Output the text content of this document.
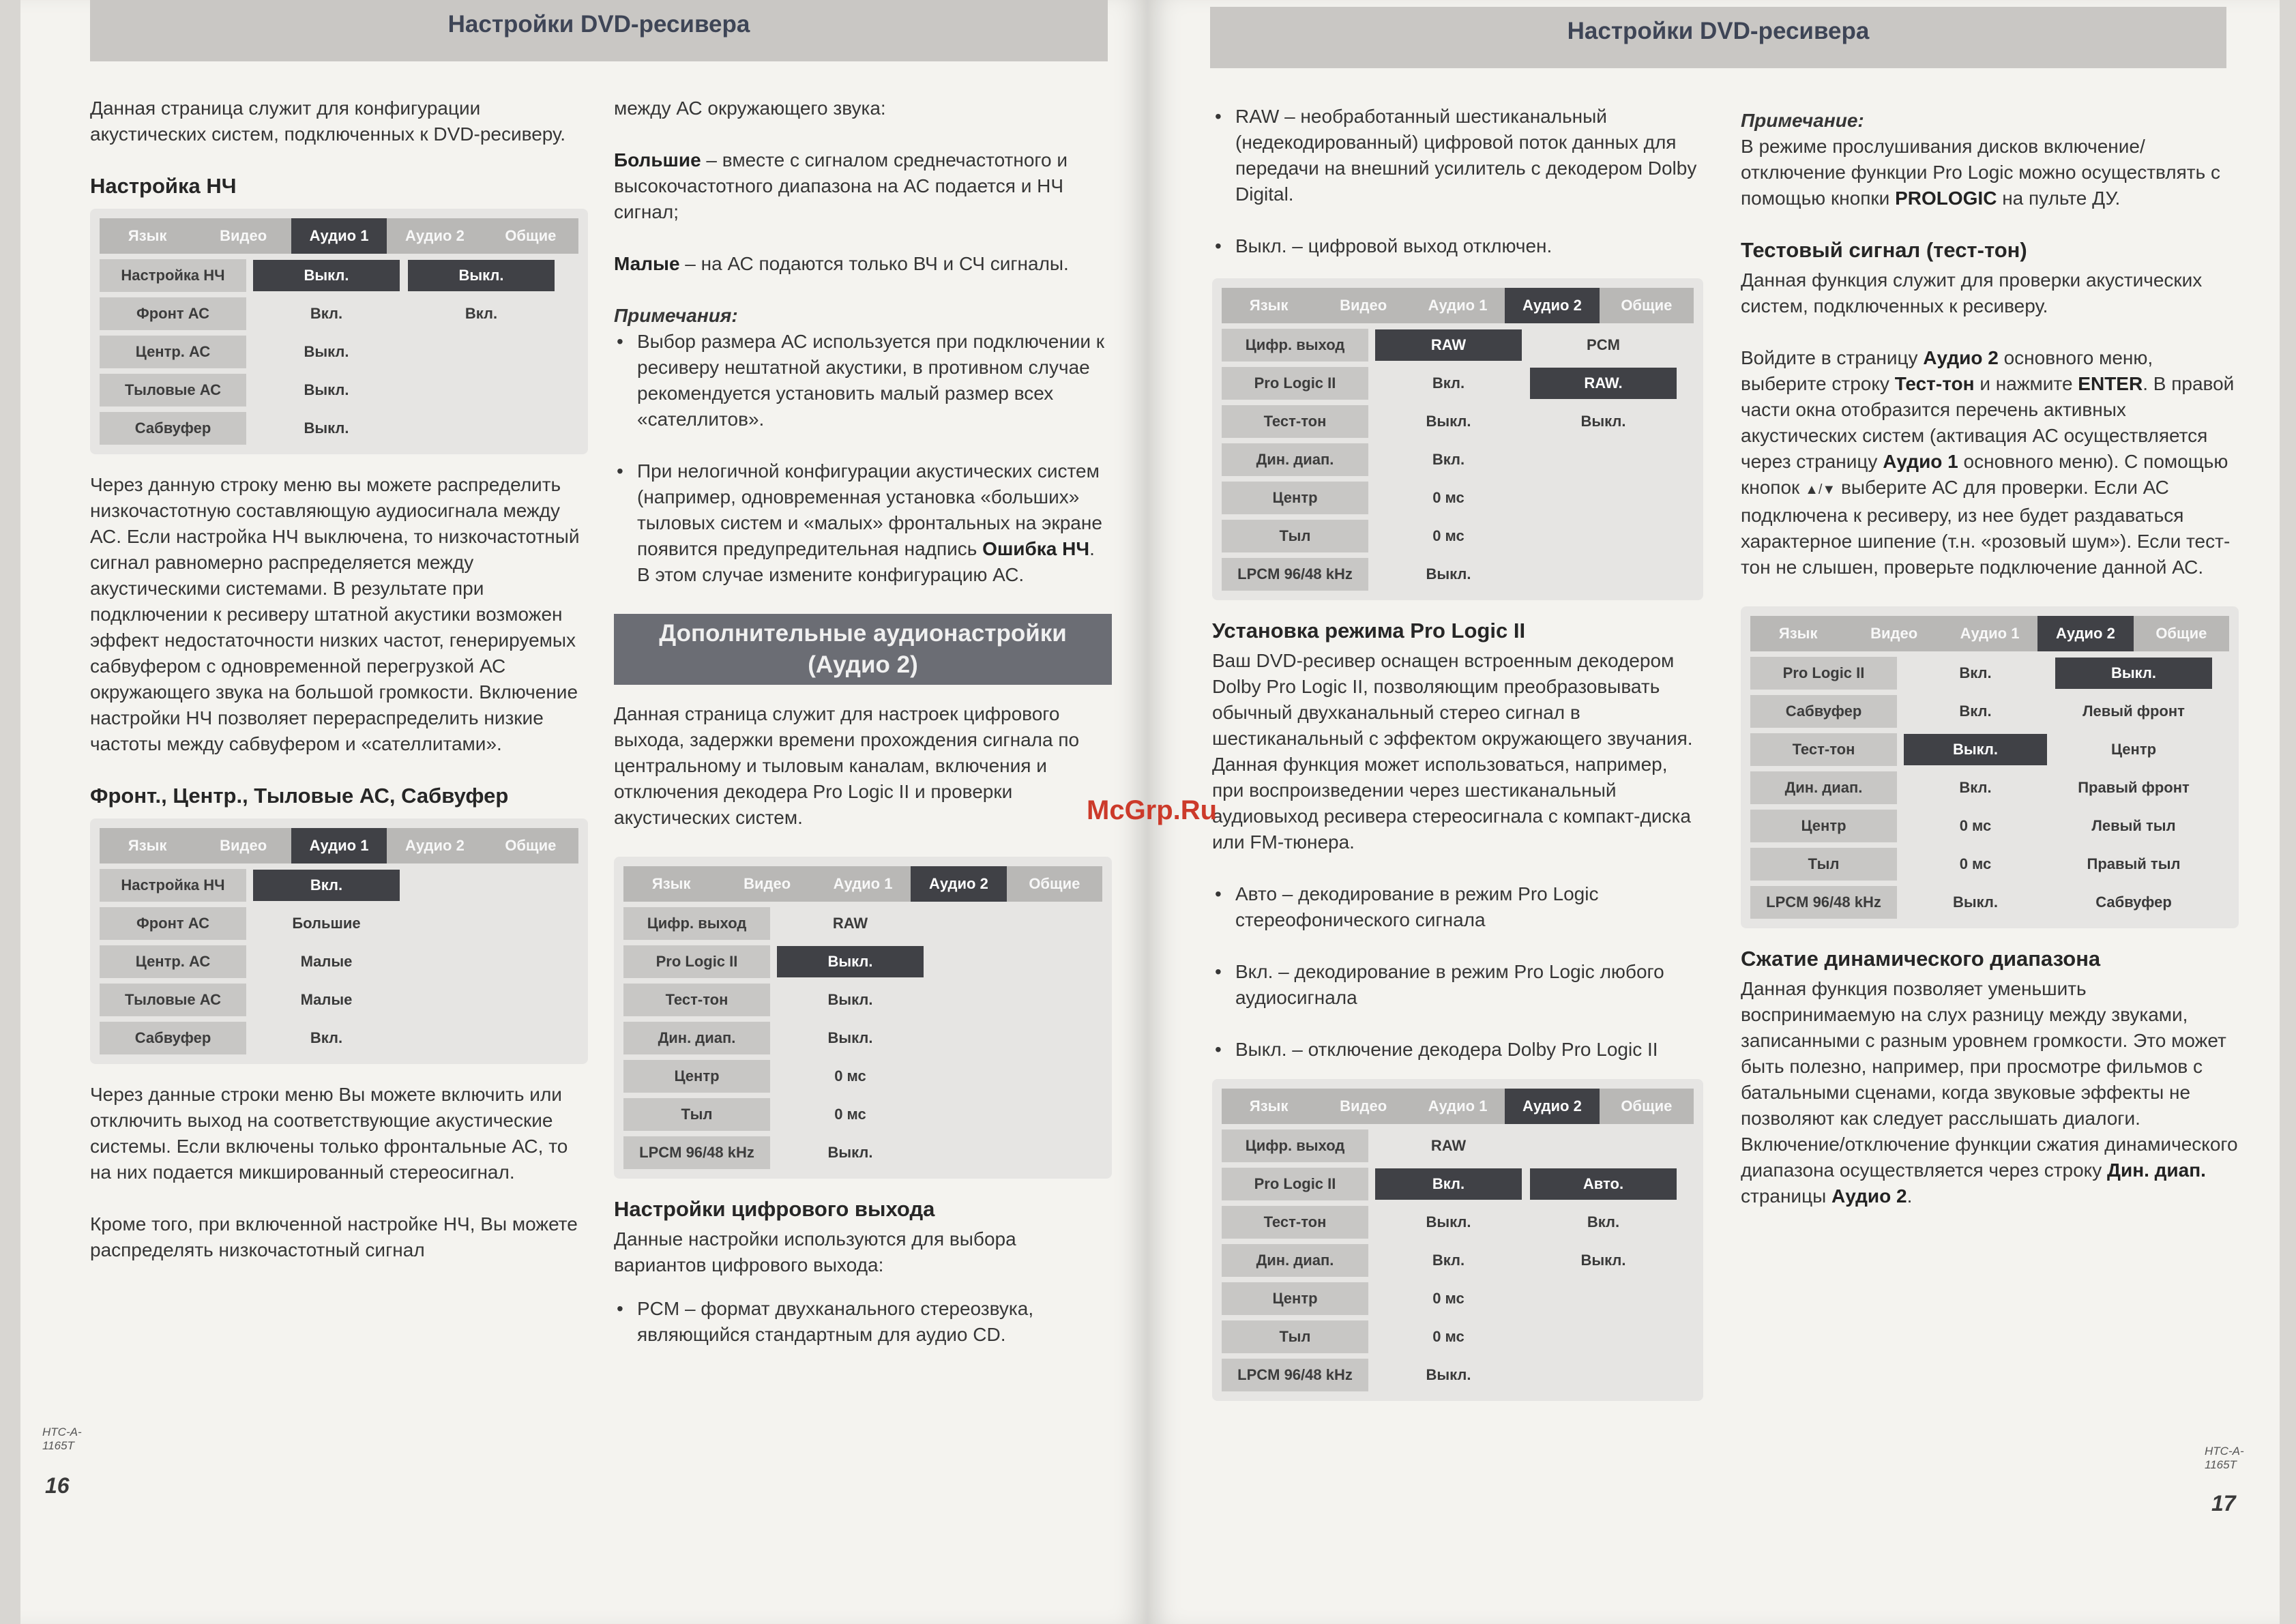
Настройки DVD-ресивера

Данная страница служит для конфигурации акустических систем, подключенных к DVD-ресиверу.

Настройка НЧ
Язык	Видео	Аудио 1	Аудио 2	Общие
Настройка НЧ	Выкл.	Выкл.
Фронт АС	Вкл.	Вкл.
Центр. АС	Выкл.
Тыловые АС	Выкл.
Сабвуфер	Выкл.

Через данную строку меню вы можете распределить низкочастотную составляющую аудиосигнала между АС. Если настройка НЧ выключена, то низкочастотный сигнал равномерно распределяется между акустическими системами. В результате при подключении к ресиверу штатной акустики возможен эффект недостаточности низких частот, генерируемых сабвуфером с одновременной перегрузкой АС окружающего звука на большой громкости. Включение настройки НЧ позволяет перераспределить низкие частоты между сабвуфером и «сателлитами».

Фронт., Центр., Тыловые АС, Сабвуфер
Язык	Видео	Аудио 1	Аудио 2	Общие
Настройка НЧ	Вкл.
Фронт АС	Большие
Центр. АС	Малые
Тыловые АС	Малые
Сабвуфер	Вкл.

Через данные строки меню Вы можете включить или отключить выход на соответствующие акустические системы. Если включены только фронтальные АС, то на них подается микшированный стереосигнал.

Кроме того, при включенной настройке НЧ, Вы можете распределять низкочастотный сигнал

между АС окружающего звука:

Большие – вместе с сигналом среднечастотного и высокочастотного диапазона на АС подается и НЧ сигнал;

Малые – на АС подаются только ВЧ и СЧ сигналы.

Примечания:
• Выбор размера АС используется при подключении к ресиверу нештатной акустики, в противном случае рекомендуется установить малый размер всех «сателлитов».
• При нелогичной конфигурации акустических систем (например, одновременная установка «больших» тыловых систем и «малых» фронтальных на экране появится предупредительная надпись Ошибка НЧ. В этом случае измените конфигурацию АС.
Дополнительные аудионастройки (Аудио 2)

Данная страница служит для настроек цифрового выхода, задержки времени прохождения сигнала по центральному и тыловым каналам, включения и отключения декодера Pro Logic II и проверки акустических систем.

Язык	Видео	Аудио 1	Аудио 2	Общие
Цифр. выход	RAW
Pro Logic II	Выкл.
Тест-тон	Выкл.
Дин. диап.	Выкл.
Центр	0 мс
Тыл	0 мс
LPCM 96/48 kHz	Выкл.
Настройки цифрового выхода

Данные настройки используются для выбора вариантов цифрового выхода:

• PCM – формат двухканального стереозвука, являющийся стандартным для аудио CD.
HTC-A-1165T
16
Настройки DVD-ресивера
• RAW – необработанный шестиканальный (недекодированный) цифровой поток данных для передачи на внешний усилитель с декодером Dolby Digital.
• Выкл. – цифровой выход отключен.
Язык	Видео	Аудио 1	Аудио 2	Общие
Цифр. выход	RAW	PCM
Pro Logic II	Вкл.	RAW.
Тест-тон	Выкл.	Выкл.
Дин. диап.	Вкл.
Центр	0 мс
Тыл	0 мс
LPCM 96/48 kHz	Выкл.
Установка режима Pro Logic II

Ваш DVD-ресивер оснащен встроенным декодером Dolby Pro Logic II, позволяющим преобразовывать обычный двухканальный стерео сигнал в шестиканальный с эффектом окружающего звучания. Данная функция может использоваться, например, при воспроизведении через шестиканальный аудиовыход ресивера стереосигнала с компакт-диска или FM-тюнера.

• Авто – декодирование в режим Pro Logic стереофонического сигнала
• Вкл. – декодирование в режим Pro Logic любого аудиосигнала
• Выкл. – отключение декодера Dolby Pro Logic II
Язык	Видео	Аудио 1	Аудио 2	Общие
Цифр. выход	RAW
Pro Logic II	Вкл.	Авто.
Тест-тон	Выкл.	Вкл.
Дин. диап.	Вкл.	Выкл.
Центр	0 мс
Тыл	0 мс
LPCM 96/48 kHz	Выкл.
Примечание:

В режиме прослушивания дисков включение/отключение функции Pro Logic можно осуществлять с помощью кнопки PROLOGIC на пульте ДУ.

Тестовый сигнал (тест-тон)

Данная функция служит для проверки акустических систем, подключенных к ресиверу.

Войдите в страницу Аудио 2 основного меню, выберите строку Тест-тон и нажмите ENTER. В правой части окна отобразится перечень активных акустических систем (активация АС осуществляется через страницу Аудио 1 основного меню). С помощью кнопок ▲/▼ выберите АС для проверки. Если АС подключена к ресиверу, из нее будет раздаваться характерное шипение (т.н. «розовый шум»). Если тест-тон не слышен, проверьте подключение данной АС.

Язык	Видео	Аудио 1	Аудио 2	Общие
Pro Logic II	Вкл.	Выкл.
Сабвуфер	Вкл.	Левый фронт
Тест-тон	Выкл.	Центр
Дин. диап.	Вкл.	Правый фронт
Центр	0 мс	Левый тыл
Тыл	0 мс	Правый тыл
LPCM 96/48 kHz	Выкл.	Сабвуфер
Сжатие динамического диапазона

Данная функция позволяет уменьшить воспринимаемую на слух разницу между звуками, записанными с разным уровнем громкости. Это может быть полезно, например, при просмотре фильмов с батальными сценами, когда звуковые эффекты не позволяют как следует расслышать диалоги. Включение/отключение функции сжатия динамического диапазона осуществляется через строку Дин. диап. страницы Аудио 2.

HTC-A-1165T
17
McGrp.Ru
